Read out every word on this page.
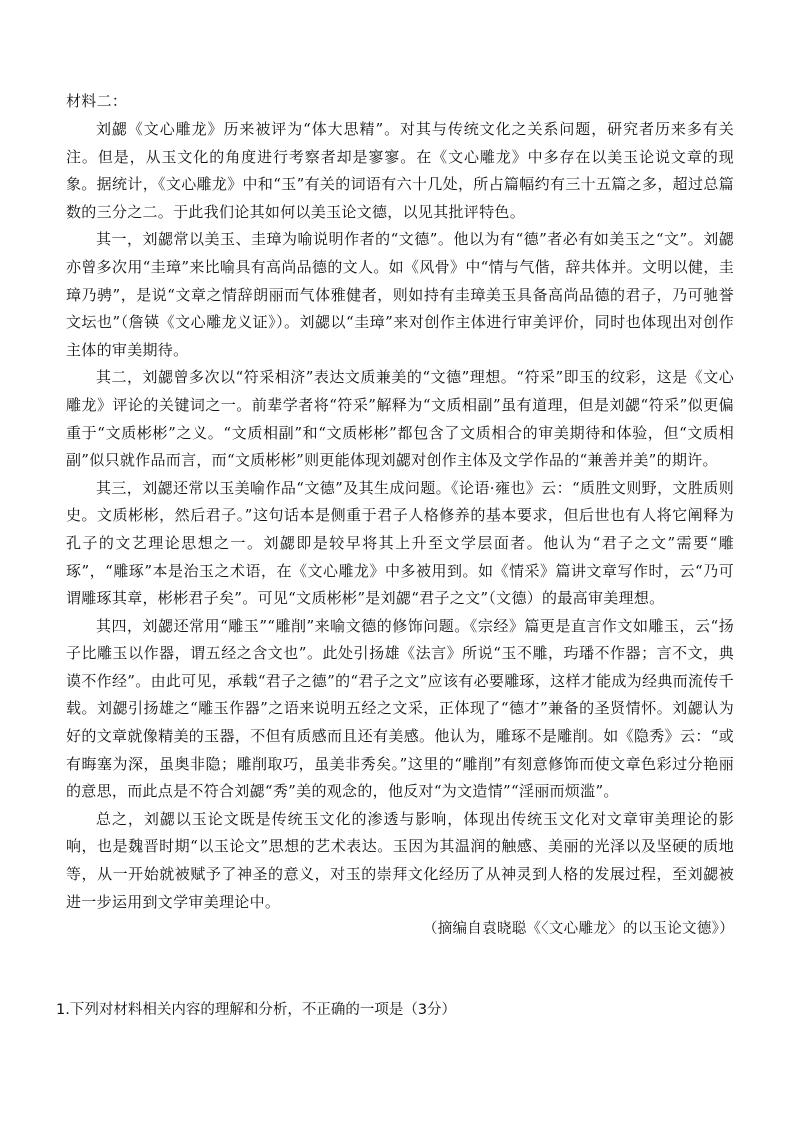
材料二：

刘勰《文心雕龙》历来被评为“体大思精”。对其与传统文化之关系问题，研究者历来多有关注。但是，从玉文化的角度进行考察者却是寥寥。在《文心雕龙》中多存在以美玉论说文章的现象。据统计，《文心雕龙》中和“玉”有关的词语有六十几处，所占篇幅约有三十五篇之多，超过总篇数的三分之二。于此我们论其如何以美玉论文德，以见其批评特色。

其一，刘勰常以美玉、圭璋为喻说明作者的“文德”。他以为有“德”者必有如美玉之“文”。刘勰亦曾多次用“圭璋”来比喻具有高尚品德的文人。如《风骨》中“情与气偕，辞共体并。文明以健，圭璋乃骋”，是说“文章之情辞朗丽而气体雅健者，则如持有圭璋美玉具备高尚品德的君子，乃可驰誉文坛也”（詹锳《文心雕龙义证》）。刘勰以“圭璋”来对创作主体进行审美评价，同时也体现出对创作主体的审美期待。

其二，刘勰曾多次以“符采相济”表达文质兼美的“文德”理想。“符采”即玉的纹彩，这是《文心雕龙》评论的关键词之一。前辈学者将“符采”解释为“文质相副”虽有道理，但是刘勰“符采”似更偏重于“文质彬彬”之义。“文质相副”和“文质彬彬”都包含了文质相合的审美期待和体验，但“文质相副”似只就作品而言，而“文质彬彬”则更能体现刘勰对创作主体及文学作品的“兼善并美”的期许。

其三，刘勰还常以玉美喻作品“文德”及其生成问题。《论语·雍也》云：“质胜文则野，文胜质则史。文质彬彬，然后君子。”这句话本是侧重于君子人格修养的基本要求，但后世也有人将它阐释为孔子的文艺理论思想之一。刘勰即是较早将其上升至文学层面者。他认为“君子之文”需要“雕琢”，“雕琢”本是治玉之术语，在《文心雕龙》中多被用到。如《情采》篇讲文章写作时，云“乃可谓雕琢其章，彬彬君子矣”。可见“文质彬彬”是刘勰“君子之文”（文德）的最高审美理想。

其四，刘勰还常用“雕玉”“雕削”来喻文德的修饰问题。《宗经》篇更是直言作文如雕玉，云“扬子比雕玉以作器，谓五经之含文也”。此处引扬雄《法言》所说“玉不雕，玙璠不作器；言不文，典谟不作经”。由此可见，承载“君子之德”的“君子之文”应该有必要雕琢，这样才能成为经典而流传千载。刘勰引扬雄之“雕玉作器”之语来说明五经之文采，正体现了“德才”兼备的圣贤情怀。刘勰认为好的文章就像精美的玉器，不但有质感而且还有美感。他认为，雕琢不是雕削。如《隐秀》云：“或有晦塞为深，虽奥非隐；雕削取巧，虽美非秀矣。”这里的“雕削”有刻意修饰而使文章色彩过分艳丽的意思，而此点是不符合刘勰“秀”美的观念的，他反对“为文造情”“淫丽而烦滥”。

总之，刘勰以玉论文既是传统玉文化的渗透与影响，体现出传统玉文化对文章审美理论的影响，也是魏晋时期“以玉论文”思想的艺术表达。玉因为其温润的触感、美丽的光泽以及坚硬的质地等，从一开始就被赋予了神圣的意义，对玉的崇拜文化经历了从神灵到人格的发展过程，至刘勰被进一步运用到文学审美理论中。

（摘编自袁晓聪《〈文心雕龙〉的以玉论文德》）

1.下列对材料相关内容的理解和分析，不正确的一项是（3分）
